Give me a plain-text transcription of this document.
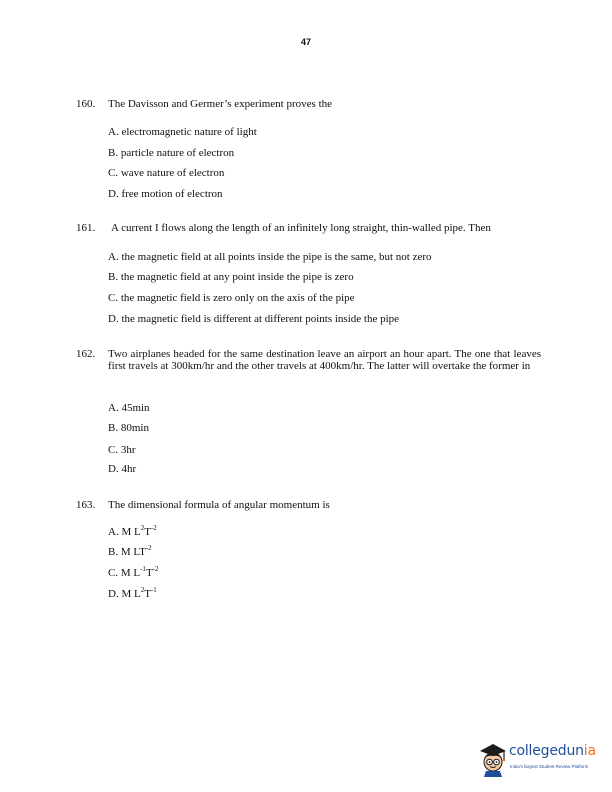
47
160. The Davisson and Germer’s experiment proves the
A. electromagnetic nature of light
B. particle nature of electron
C. wave nature of electron
D. free motion of electron
161. A current I flows along the length of an infinitely long straight, thin-walled pipe. Then
A. the magnetic field at all points inside the pipe is the same, but not zero
B. the magnetic field at any point inside the pipe is zero
C. the magnetic field is zero only on the axis of the pipe
D. the magnetic field is different at different points inside the pipe
162. Two airplanes headed for the same destination leave an airport an hour apart. The one that leaves first travels at 300km/hr and the other travels at 400km/hr. The latter will overtake the former in
A. 45min
B. 80min
C. 3hr
D. 4hr
163. The dimensional formula of angular momentum is
A. M $L^2T^{-2}$
B. M $LT^{-2}$
C. M $L^{-1}T^{-2}$
D. M $L^2T^{-1}$
collegedunia
India's largest Student Review Platform
